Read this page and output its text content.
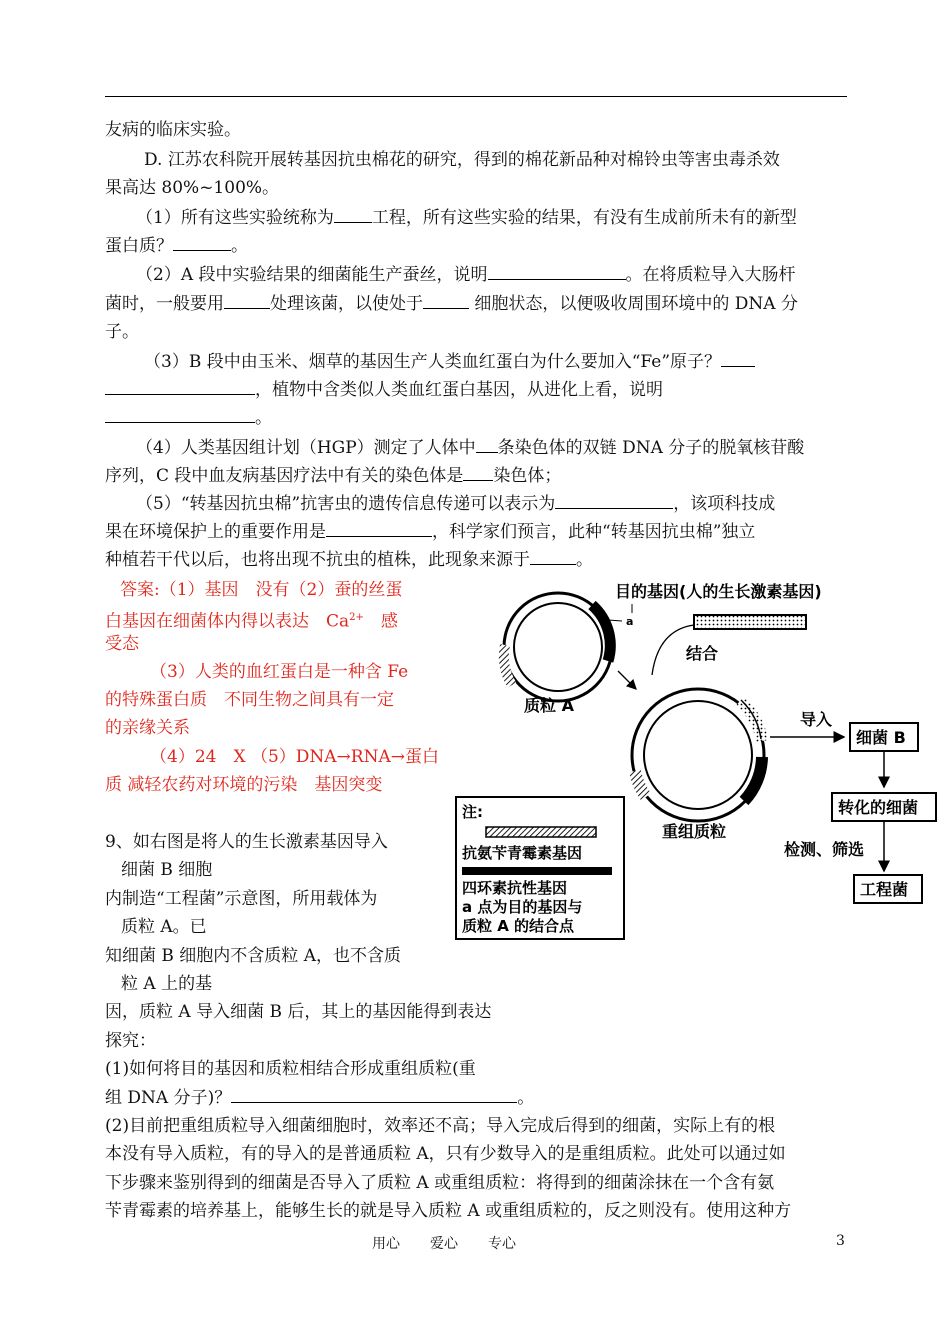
友病的临床实验。
D. 江苏农科院开展转基因抗虫棉花的研究，得到的棉花新品种对棉铃虫等害虫毒杀效
果高达 80%~100%。
（1）所有这些实验统称为 工程，所有这些实验的结果，有没有生成前所未有的新型
蛋白质？	。
（2）A 段中实验结果的细菌能生产蚕丝，说明	。在将质粒导入大肠杆
菌时，一般要用	处理该菌，以使处于	细胞状态，以便吸收周围环境中的 DNA 分
子。
（3）B 段中由玉米、烟草的基因生产人类血红蛋白为什么要加入“Fe”原子？
，植物中含类似人类血红蛋白基因，从进化上看，说明
。
（4）人类基因组计划（HGP）测定了人体中 条染色体的双链 DNA 分子的脱氧核苷酸
序列，C 段中血友病基因疗法中有关的染色体是 染色体；
（5）“转基因抗虫棉”抗害虫的遗传信息传递可以表示为	，该项科技成
果在环境保护上的重要作用是	，科学家们预言，此种“转基因抗虫棉”独立
种植若干代以后，也将出现不抗虫的植株，此现象来源于	。
答案:（1）基因　没有（2）蚕的丝蛋
白基因在细菌体内得以表达　$Ca^{2+}$　感
受态
（3）人类的血红蛋白是一种含 Fe
的特殊蛋白质　不同生物之间具有一定
的亲缘关系
（4）24　X （5）DNA→RNA→蛋白
质 减轻农药对环境的污染　基因突变
9、如右图是将人的生长激素基因导入
细菌 B 细胞
内制造“工程菌”示意图，所用载体为
质粒 A。已
知细菌 B 细胞内不含质粒 A，也不含质
粒 A 上的基
因，质粒 A 导入细菌 B 后，其上的基因能得到表达
探究：
(1)如何将目的基因和质粒相结合形成重组质粒(重
组 DNA 分子)？	。
(2)目前把重组质粒导入细菌细胞时，效率还不高；导入完成后得到的细菌，实际上有的根
本没有导入质粒，有的导入的是普通质粒 A，只有少数导入的是重组质粒。此处可以通过如
下步骤来鉴别得到的细菌是否导入了质粒 A 或重组质粒：将得到的细菌涂抹在一个含有氨
苄青霉素的培养基上，能够生长的就是导入质粒 A 或重组质粒的，反之则没有。使用这种方
a
质粒 A
目的基因(人的生长激素基因)
结合
重组质粒
导入
细菌 B
转化的细菌
检测、筛选
工程菌
注:
抗氨苄青霉素基因
四环素抗性基因
a 点为目的基因与
质粒 A 的结合点
用心 爱心 专心	3
